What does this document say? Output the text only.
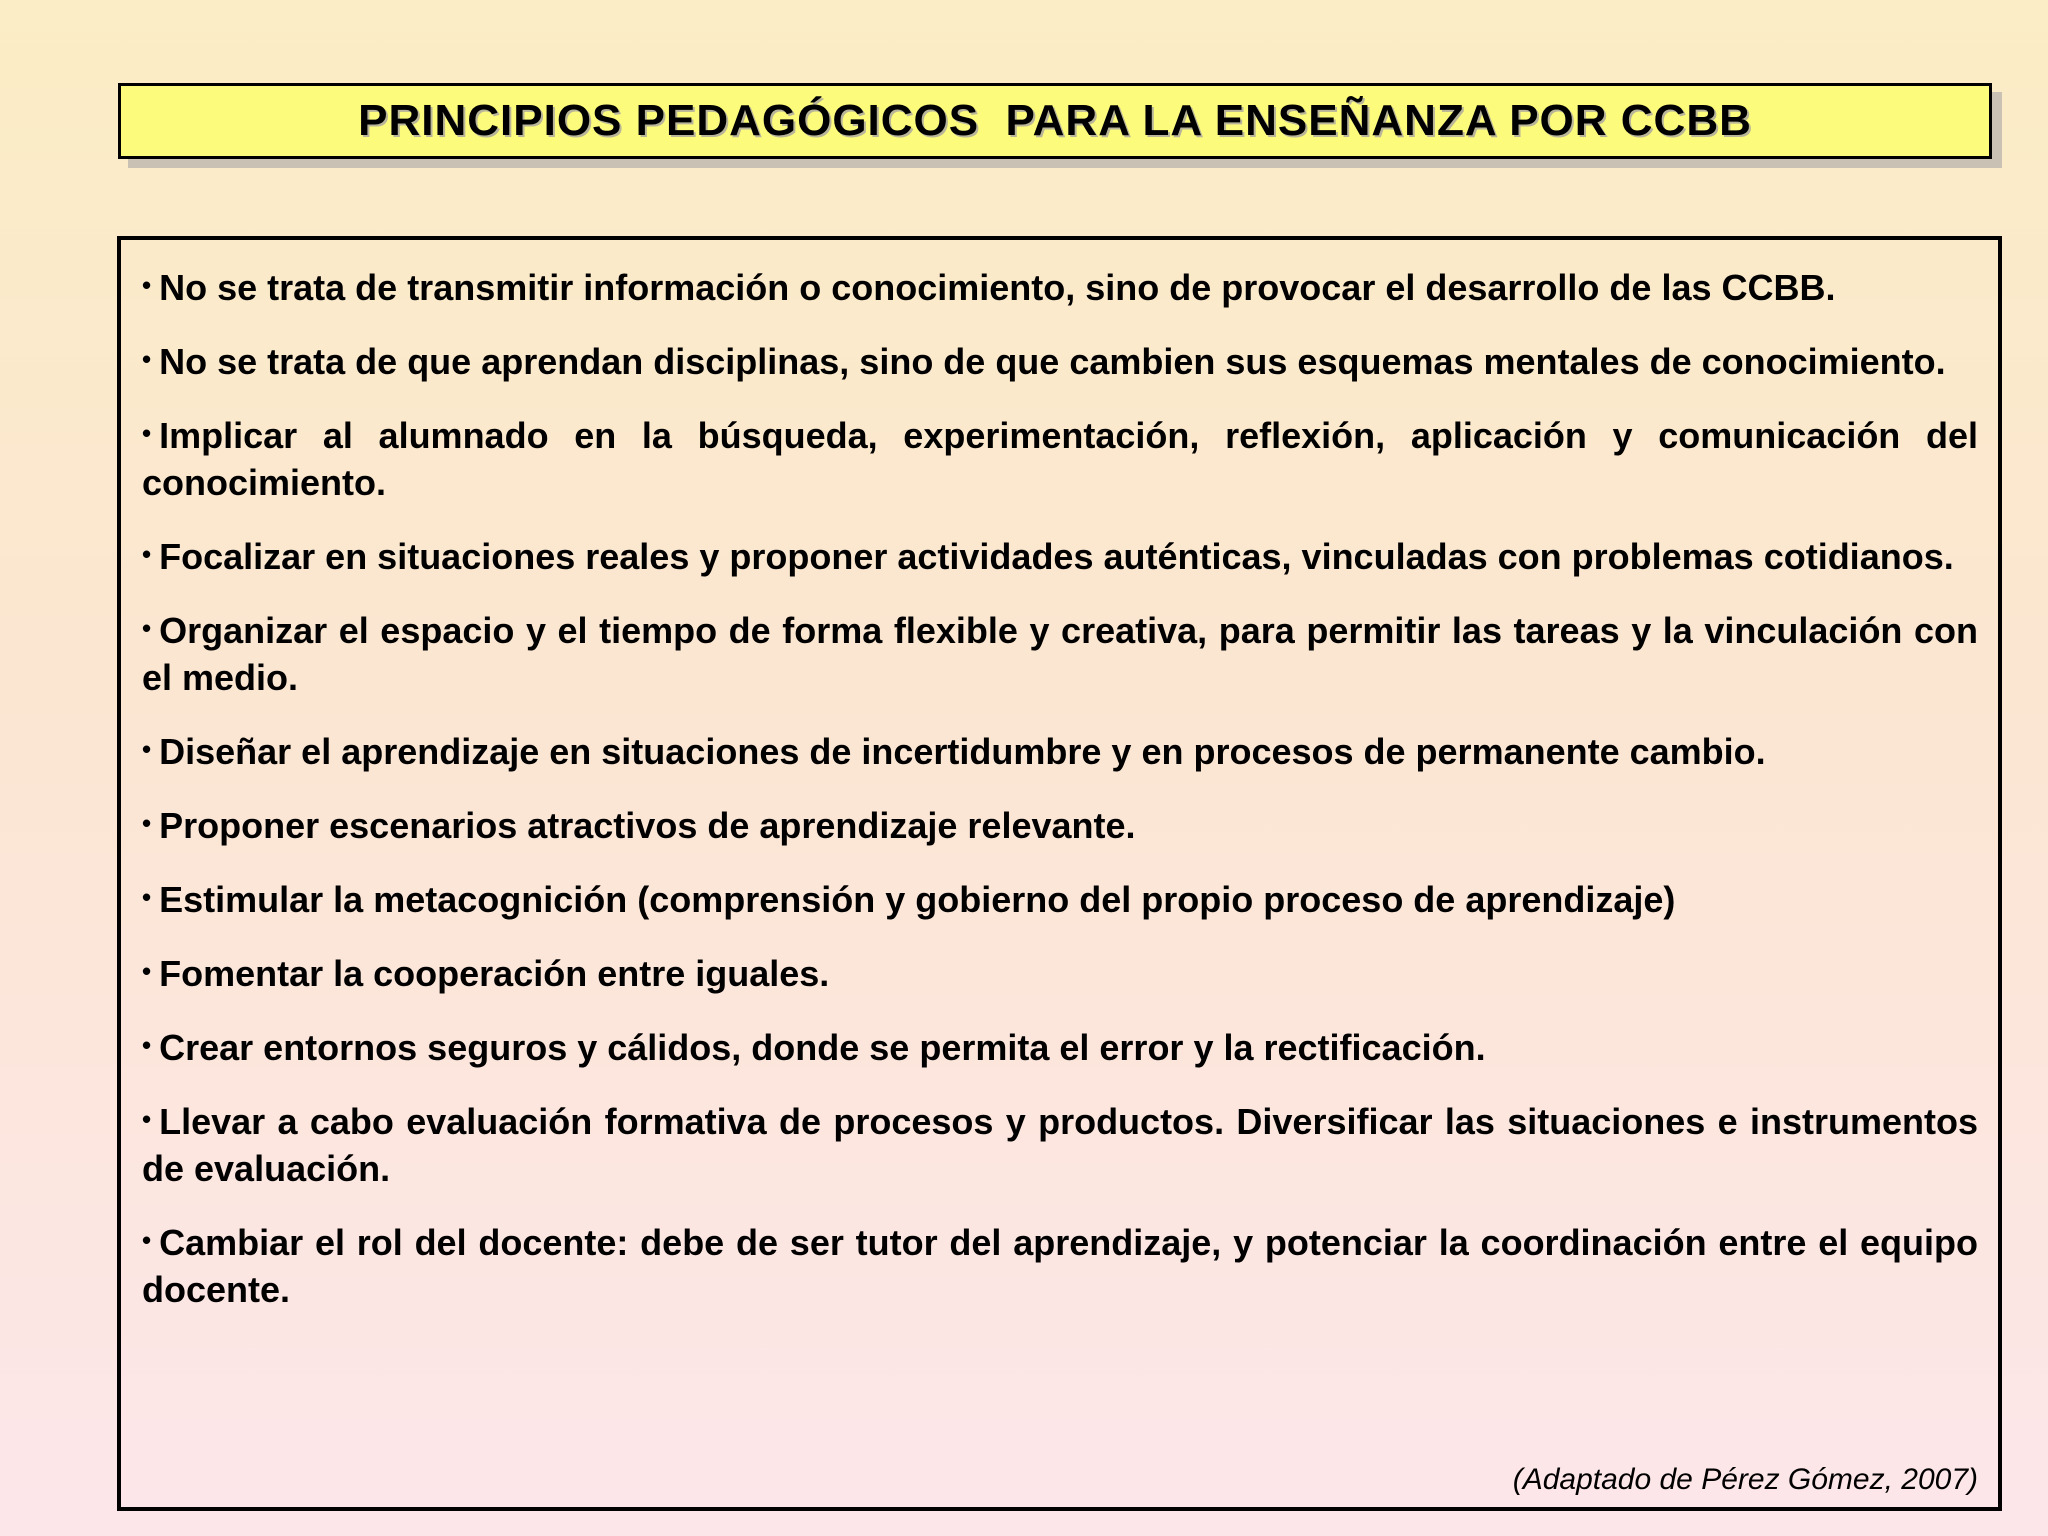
PRINCIPIOS PEDAGÓGICOS  PARA LA ENSEÑANZA POR CCBB

• No se trata de transmitir información o conocimiento, sino de provocar el desarrollo de las CCBB.

• No se trata de que aprendan disciplinas, sino de que cambien sus esquemas mentales de conocimiento.

• Implicar al alumnado en la búsqueda, experimentación, reflexión, aplicación y comunicación del conocimiento.

• Focalizar en situaciones reales y proponer actividades auténticas, vinculadas con problemas cotidianos.

• Organizar el espacio y el tiempo de forma flexible y creativa, para permitir las tareas y la vinculación con el medio.

• Diseñar el aprendizaje en situaciones de incertidumbre y en procesos de permanente cambio.

• Proponer escenarios atractivos de aprendizaje relevante.

• Estimular la metacognición (comprensión y gobierno del propio proceso de aprendizaje)

• Fomentar la cooperación entre iguales.

• Crear entornos seguros y cálidos, donde se permita el error y la rectificación.

• Llevar a cabo evaluación formativa de procesos y productos. Diversificar las situaciones e instrumentos de evaluación.

• Cambiar el rol del docente: debe de ser tutor del aprendizaje, y potenciar la coordinación entre el equipo docente.

(Adaptado de Pérez Gómez, 2007)
